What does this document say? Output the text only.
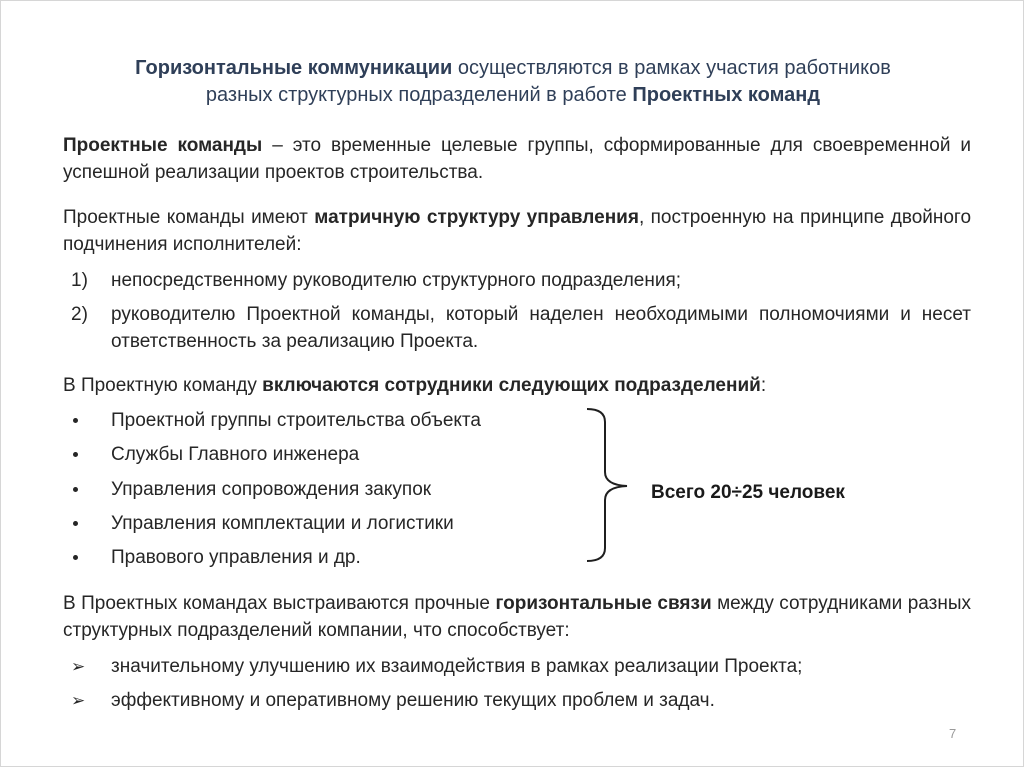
Горизонтальные коммуникации осуществляются в рамках участия работников
разных структурных подразделений в работе Проектных команд
Проектные команды – это временные целевые группы, сформированные для своевременной и успешной реализации проектов строительства.
Проектные команды имеют матричную структуру управления, построенную на принципе двойного подчинения исполнителей:
1) непосредственному руководителю структурного подразделения;
2) руководителю Проектной команды, который наделен необходимыми полномочиями и несет ответственность за реализацию Проекта.
В Проектную команду включаются сотрудники следующих подразделений:
Проектной группы строительства объекта
Службы Главного инженера
Управления сопровождения закупок
Управления комплектации и логистики
Правового управления и др.
Всего 20÷25 человек
В Проектных командах выстраиваются прочные горизонтальные связи между сотрудниками разных структурных подразделений компании, что способствует:
➢ значительному улучшению их взаимодействия в рамках реализации Проекта;
➢ эффективному и оперативному решению текущих проблем и задач.
7
